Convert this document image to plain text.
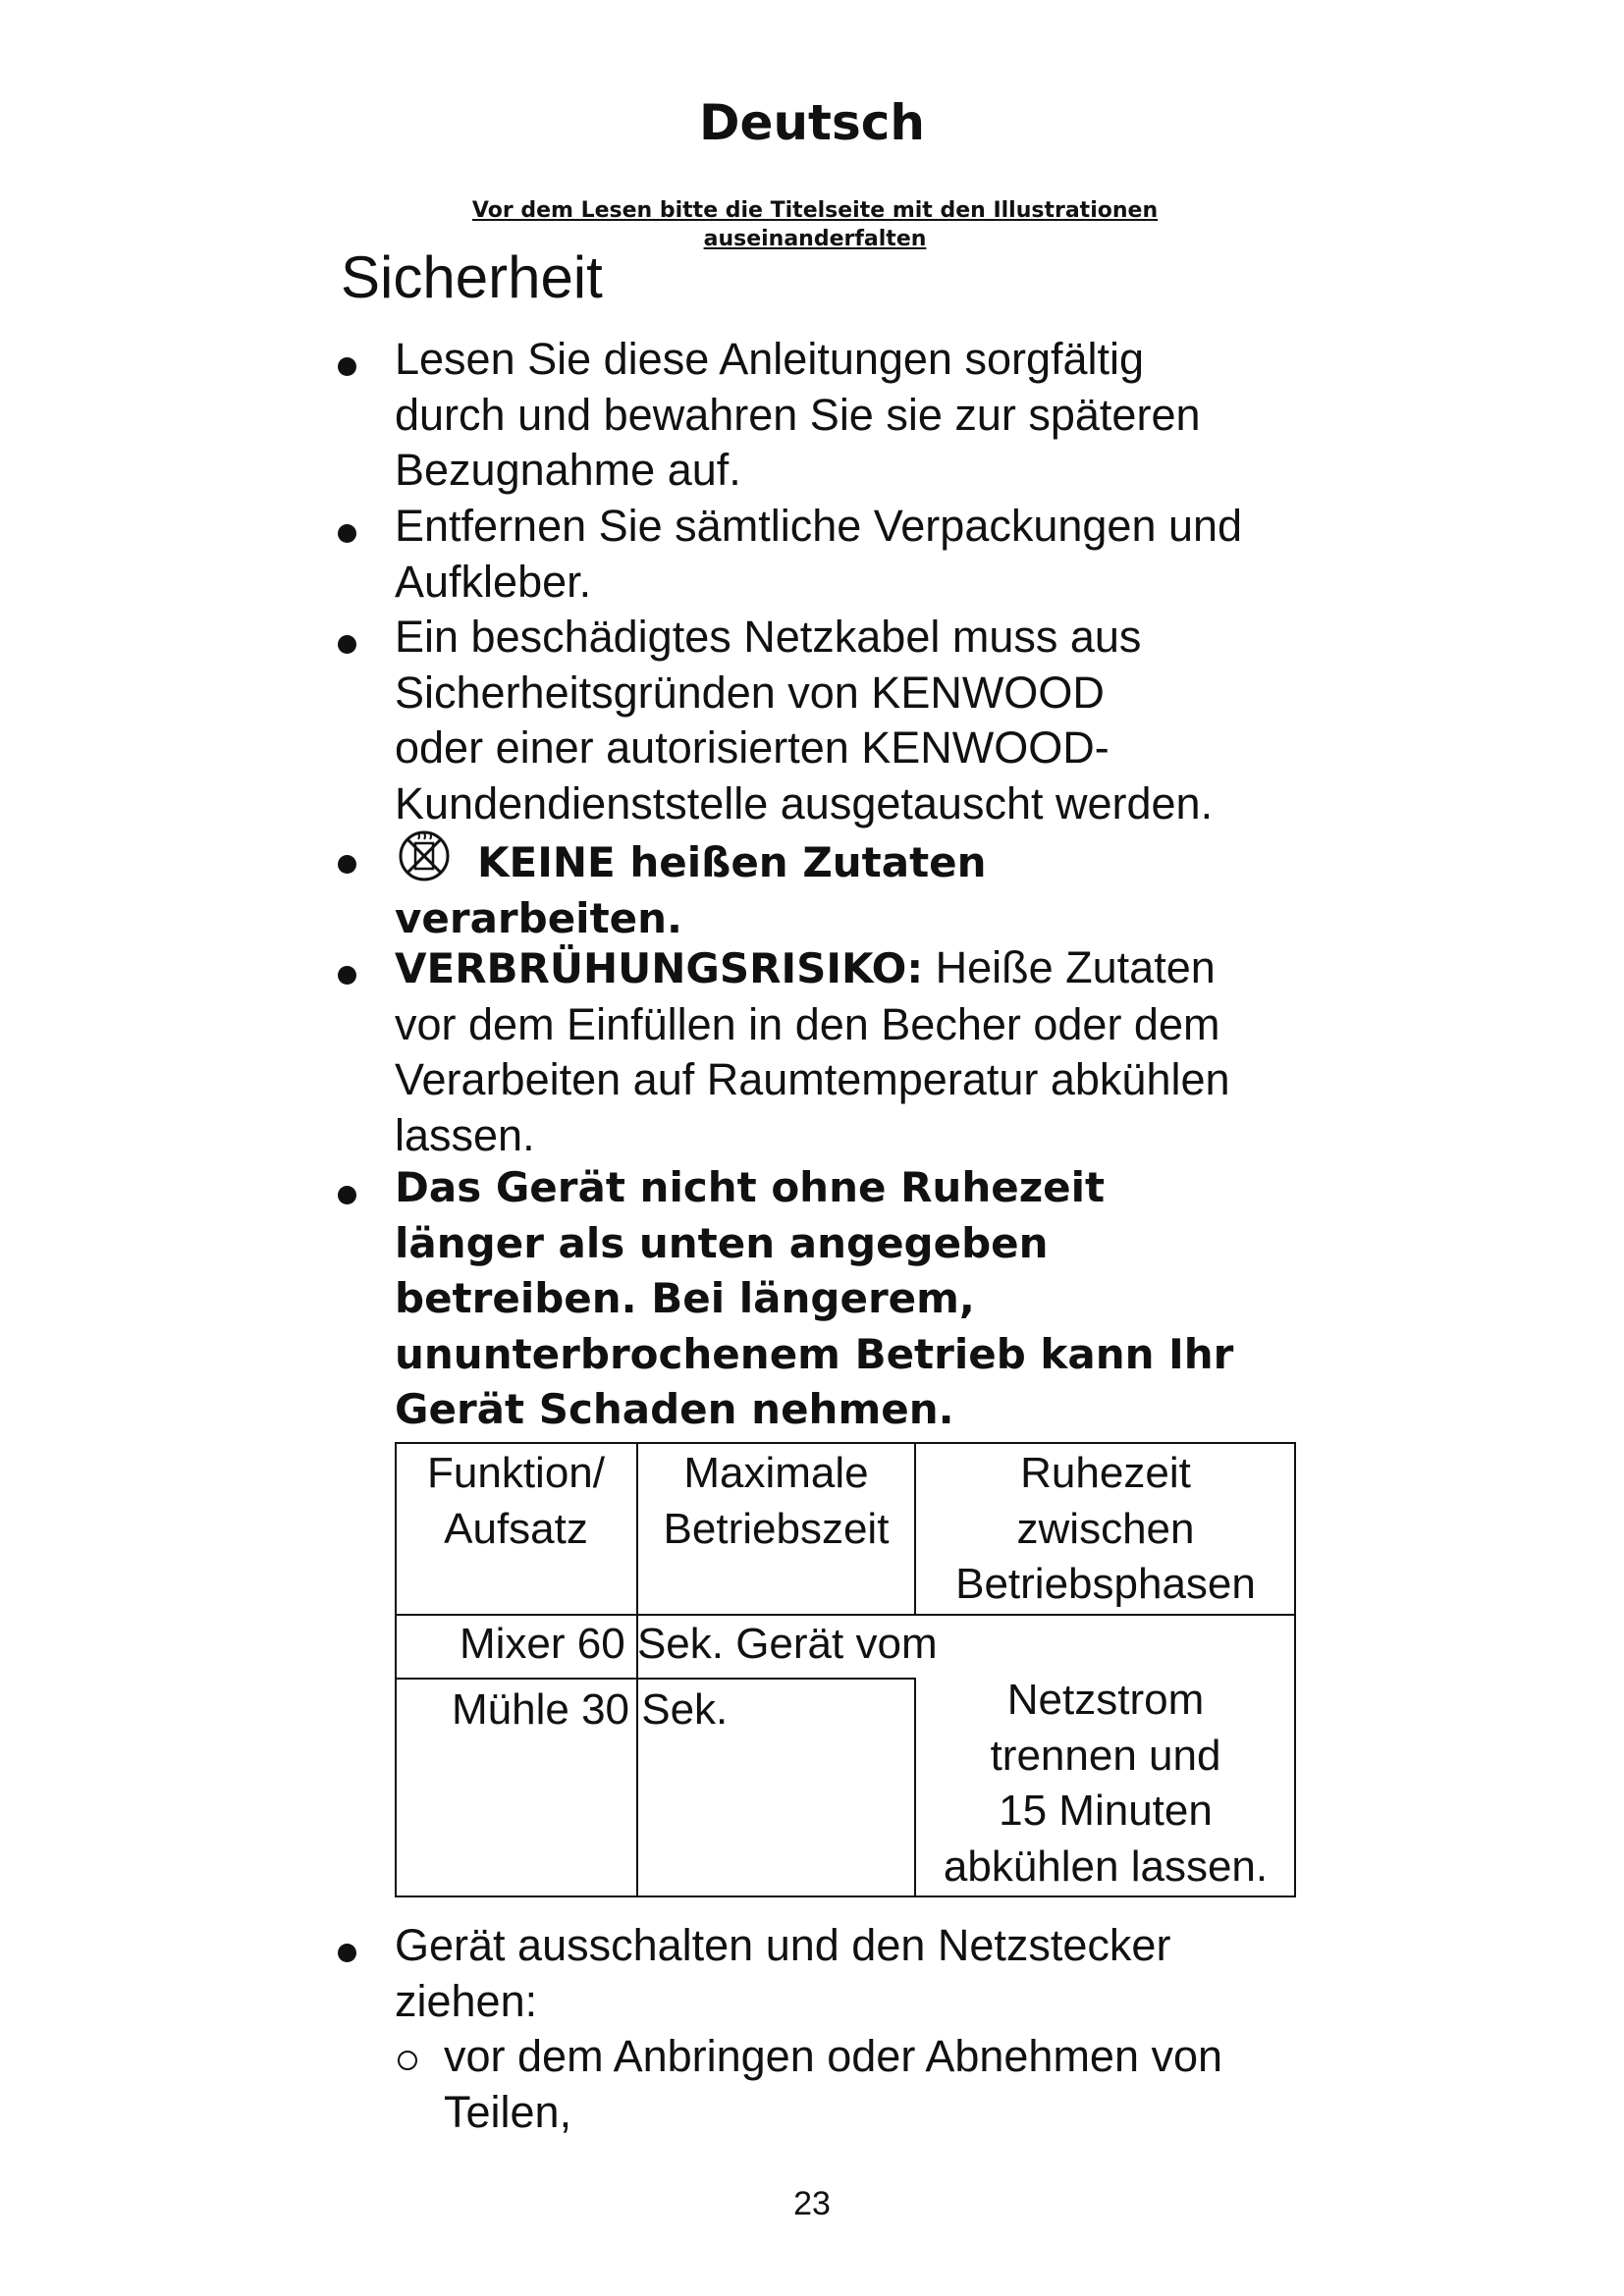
Deutsch
Vor dem Lesen bitte die Titelseite mit den Illustrationen
auseinanderfalten
Sicherheit
Lesen Sie diese Anleitungen sorgfältig
durch und bewahren Sie sie zur späteren
Bezugnahme auf.
Entfernen Sie sämtliche Verpackungen und
Aufkleber.
Ein beschädigtes Netzkabel muss aus
Sicherheitsgründen von KENWOOD
oder einer autorisierten KENWOOD-
Kundendienststelle ausgetauscht werden.
KEINE heißen Zutaten
verarbeiten.
VERBRÜHUNGSRISIKO: Heiße Zutaten
vor dem Einfüllen in den Becher oder dem
Verarbeiten auf Raumtemperatur abkühlen
lassen.
Das Gerät nicht ohne Ruhezeit
länger als unten angegeben
betreiben. Bei längerem,
ununterbrochenem Betrieb kann Ihr
Gerät Schaden nehmen.
Funktion/
Aufsatz
Maximale
Betriebszeit
Ruhezeit
zwischen
Betriebsphasen
Mixer 60 Sek. Gerät vom
Mühle 30 Sek.	Netzstrom
trennen und
15 Minuten
abkühlen lassen.
Gerät ausschalten und den Netzstecker
ziehen:
vor dem Anbringen oder Abnehmen von
Teilen,
23
